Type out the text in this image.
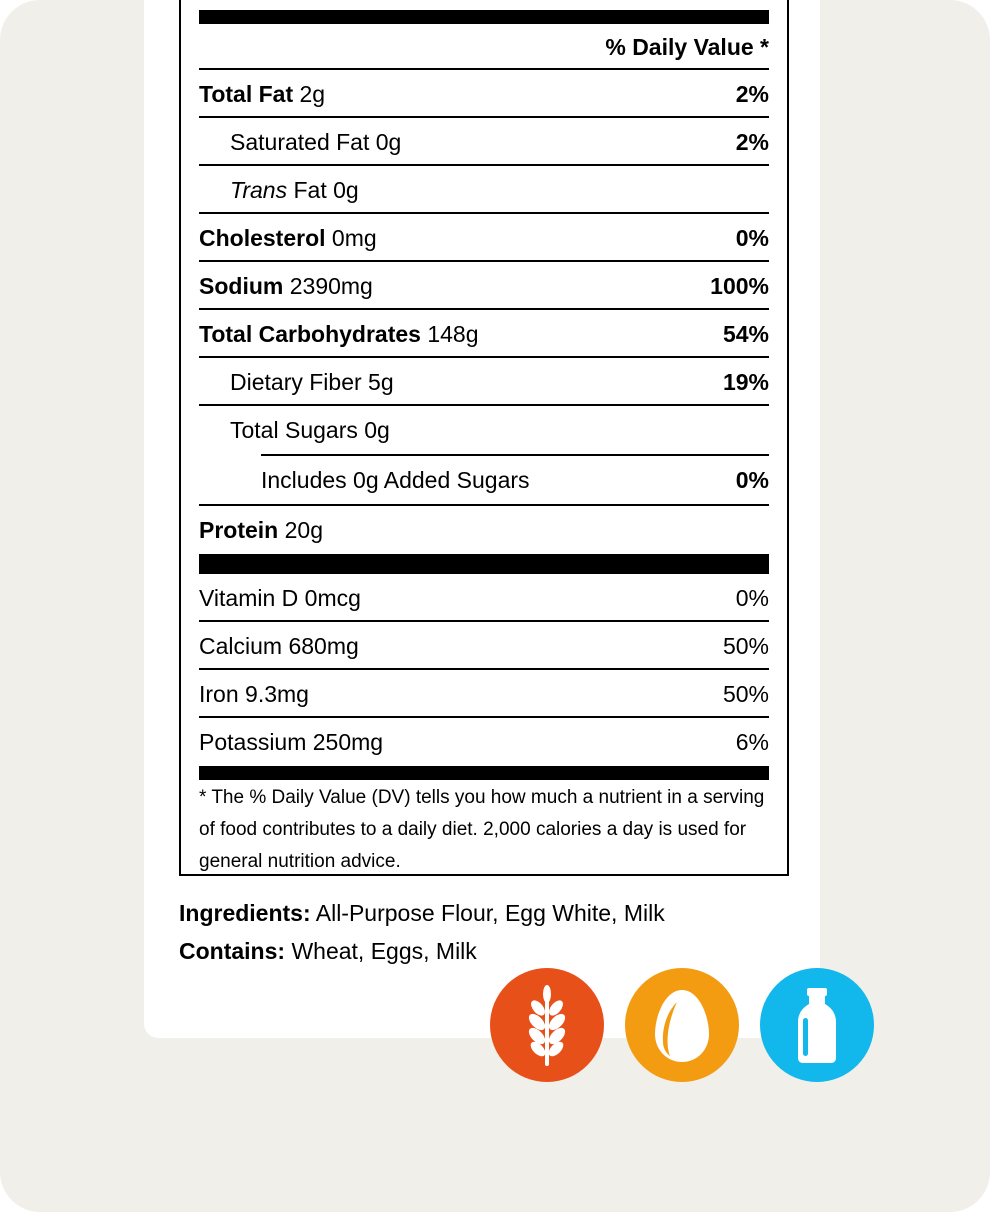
% Daily Value *
Total Fat 2g	2%
Saturated Fat 0g	2%
Trans Fat 0g
Cholesterol 0mg	0%
Sodium 2390mg	100%
Total Carbohydrates 148g	54%
Dietary Fiber 5g	19%
Total Sugars 0g
Includes 0g Added Sugars	0%
Protein 20g
Vitamin D 0mcg	0%
Calcium 680mg	50%
Iron 9.3mg	50%
Potassium 250mg	6%
* The % Daily Value (DV) tells you how much a nutrient in a serving of food contributes to a daily diet. 2,000 calories a day is used for general nutrition advice.
Ingredients: All-Purpose Flour, Egg White, Milk
Contains: Wheat, Eggs, Milk
